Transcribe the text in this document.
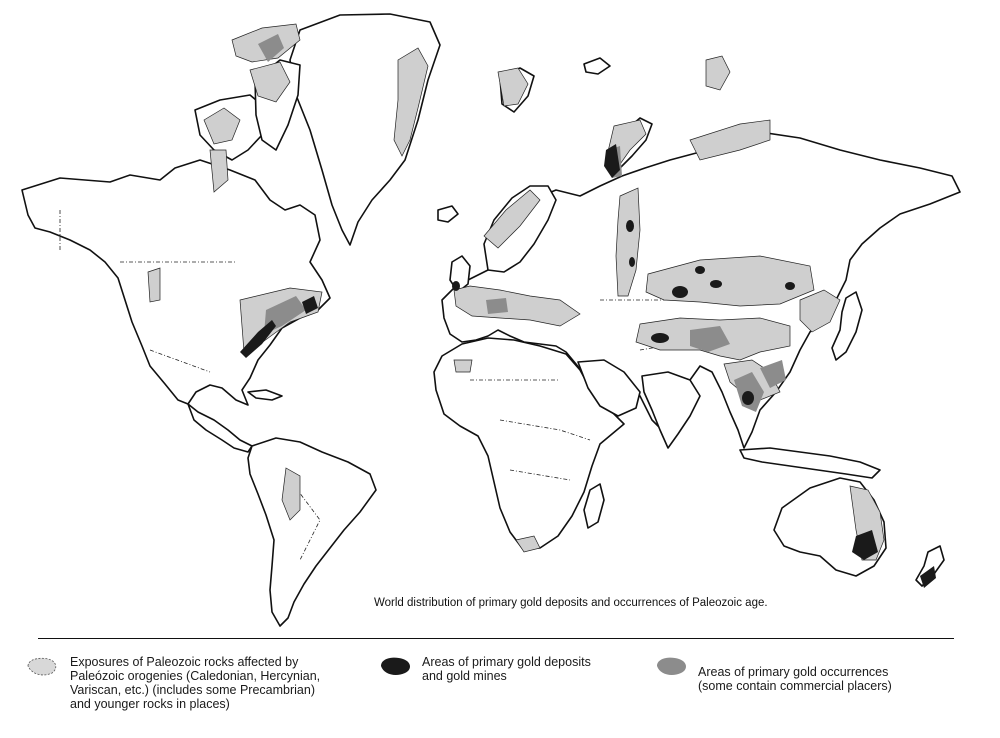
World distribution of primary gold deposits and occurrences of Paleozoic age.
Exposures of Paleozoic rocks affected by
Paleózoic orogenies (Caledonian, Hercynian,
Variscan, etc.) (includes some Precambrian)
and younger rocks in places)
Areas of primary gold deposits
and gold mines	Areas of primary gold occurrences
(some contain commercial placers)
